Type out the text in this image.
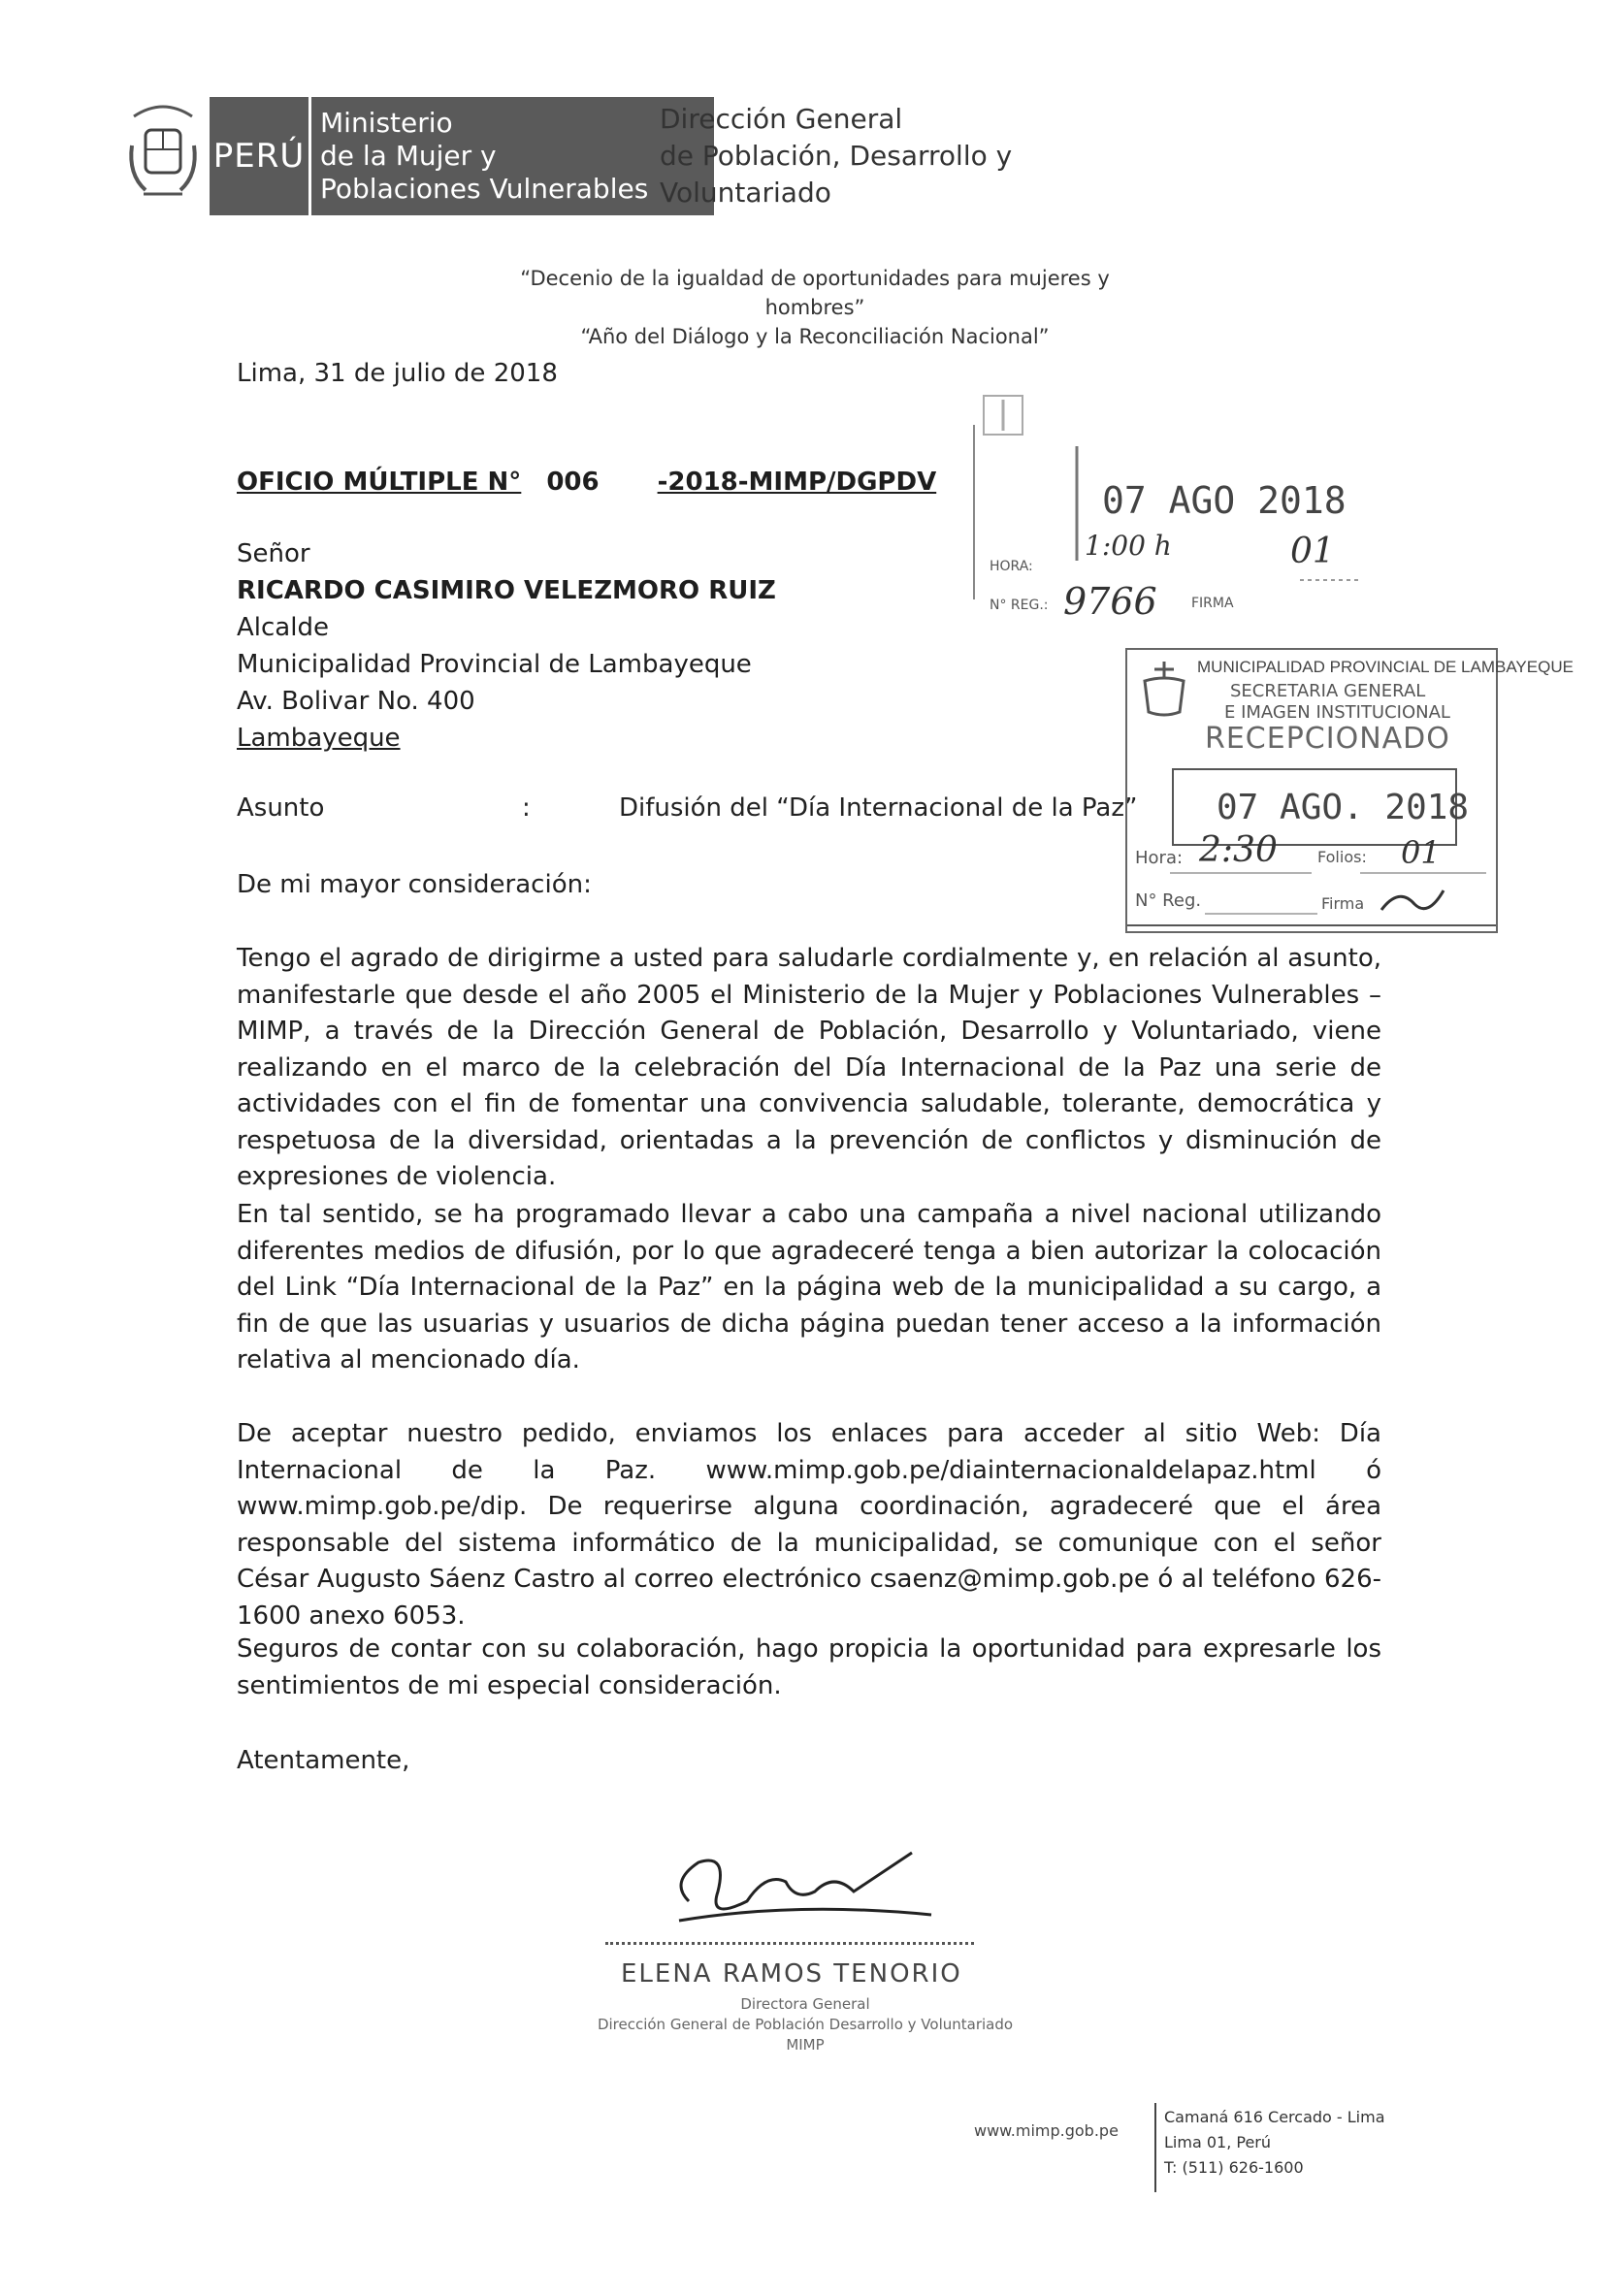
PERÚ
Ministerio
de la Mujer y
Poblaciones Vulnerables
Dirección General
de Población, Desarrollo y
Voluntariado
“Decenio de la igualdad de oportunidades para mujeres y hombres”
“Año del Diálogo y la Reconciliación Nacional”
Lima, 31 de julio de 2018
OFICIO MÚLTIPLE N° 006 -2018-MIMP/DGPDV
Señor
RICARDO CASIMIRO VELEZMORO RUIZ
Alcalde
Municipalidad Provincial de Lambayeque
Av. Bolivar No. 400
Lambayeque
Asunto	:	Difusión del “Día Internacional de la Paz”
De mi mayor consideración:
Tengo el agrado de dirigirme a usted para saludarle cordialmente y, en relación al asunto, manifestarle que desde el año 2005 el Ministerio de la Mujer y Poblaciones Vulnerables – MIMP, a través de la Dirección General de Población, Desarrollo y Voluntariado, viene realizando en el marco de la celebración del Día Internacional de la Paz una serie de actividades con el fin de fomentar una convivencia saludable, tolerante, democrática y respetuosa de la diversidad, orientadas a la prevención de conflictos y disminución de expresiones de violencia.
En tal sentido, se ha programado llevar a cabo una campaña a nivel nacional utilizando diferentes medios de difusión, por lo que agradeceré tenga a bien autorizar la colocación del Link “Día Internacional de la Paz” en la página web de la municipalidad a su cargo, a fin de que las usuarias y usuarios de dicha página puedan tener acceso a la información relativa al mencionado día.
De aceptar nuestro pedido, enviamos los enlaces para acceder al sitio Web: Día Internacional de la Paz. www.mimp.gob.pe/diainternacionaldelapaz.html ó www.mimp.gob.pe/dip. De requerirse alguna coordinación, agradeceré que el área responsable del sistema informático de la municipalidad, se comunique con el señor César Augusto Sáenz Castro al correo electrónico csaenz@mimp.gob.pe ó al teléfono 626-1600 anexo 6053.
Seguros de contar con su colaboración, hago propicia la oportunidad para expresarle los sentimientos de mi especial consideración.
Atentamente,
07 AGO 2018
HORA:
1:00 h
N° REG.: 9766	FIRMA
01
MUNICIPALIDAD PROVINCIAL DE LAMBAYEQUE
SECRETARIA GENERAL
E IMAGEN INSTITUCIONAL
RECEPCIONADO
07 AGO. 2018
Hora: 2:30	Folios: 01
N° Reg.	Firma
ELENA RAMOS TENORIO
Directora General
Dirección General de Población Desarrollo y Voluntariado
MIMP
www.mimp.gob.pe
Camaná 616 Cercado - Lima
Lima 01, Perú
T: (511) 626-1600
